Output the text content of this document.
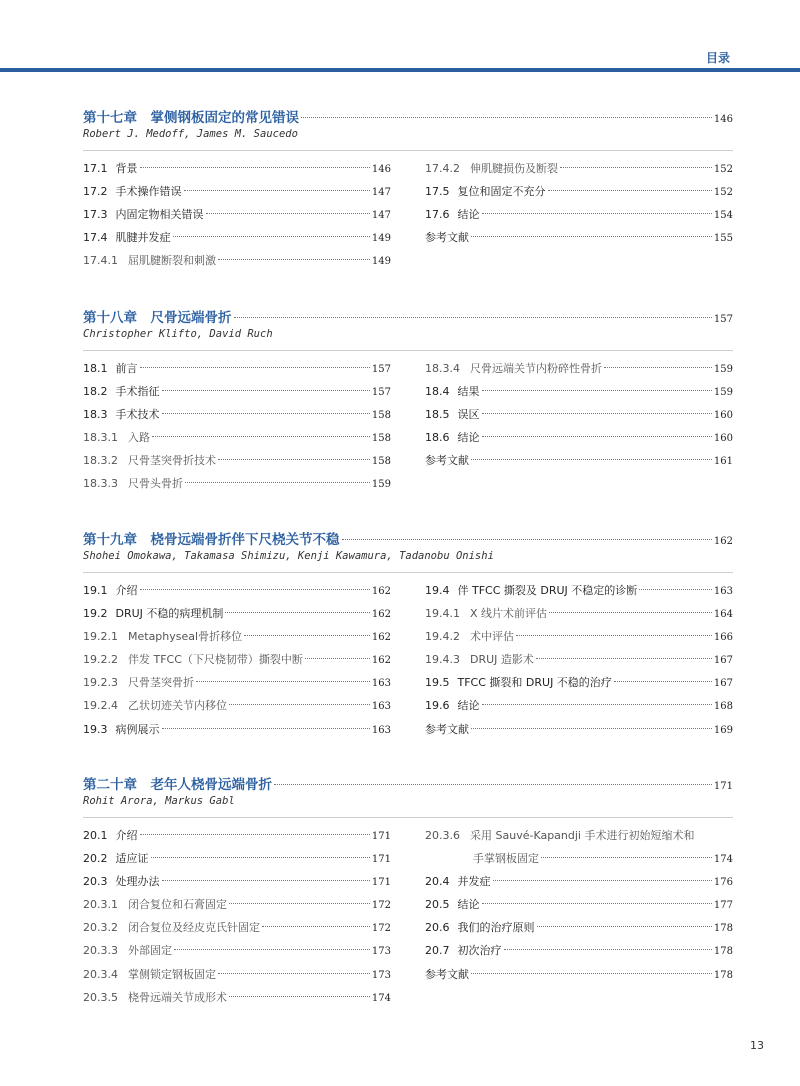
目录
第十七章　掌侧钢板固定的常见错误	146
Robert J. Medoff, James M. Saucedo
17.1 背景	146
17.2 手术操作错误	147
17.3 内固定物相关错误	147
17.4 肌腱并发症	149
17.4.1 屈肌腱断裂和刺激	149
17.4.2 伸肌腱损伤及断裂	152
17.5 复位和固定不充分	152
17.6 结论	154
参考文献	155
第十八章　尺骨远端骨折	157
Christopher Klifto, David Ruch
18.1 前言	157
18.2 手术指征	157
18.3 手术技术	158
18.3.1 入路	158
18.3.2 尺骨茎突骨折技术	158
18.3.3 尺骨头骨折	159
18.3.4 尺骨远端关节内粉碎性骨折	159
18.4 结果	159
18.5 误区	160
18.6 结论	160
参考文献	161
第十九章　桡骨远端骨折伴下尺桡关节不稳	162
Shohei Omokawa, Takamasa Shimizu, Kenji Kawamura, Tadanobu Onishi
19.1 介绍	162
19.2 DRUJ 不稳的病理机制	162
19.2.1 Metaphyseal骨折移位	162
19.2.2 伴发 TFCC（下尺桡韧带）撕裂中断	162
19.2.3 尺骨茎突骨折	163
19.2.4 乙状切迹关节内移位	163
19.3 病例展示	163
19.4 伴 TFCC 撕裂及 DRUJ 不稳定的诊断	163
19.4.1 X 线片术前评估	164
19.4.2 术中评估	166
19.4.3 DRUJ 造影术	167
19.5 TFCC 撕裂和 DRUJ 不稳的治疗	167
19.6 结论	168
参考文献	169
第二十章　老年人桡骨远端骨折	171
Rohit Arora, Markus Gabl
20.1 介绍	171
20.2 适应证	171
20.3 处理办法	171
20.3.1 闭合复位和石膏固定	172
20.3.2 闭合复位及经皮克氏针固定	172
20.3.3 外部固定	173
20.3.4 掌侧锁定钢板固定	173
20.3.5 桡骨远端关节成形术	174
20.3.6 采用 Sauvé-Kapandji 手术进行初始短缩术和
手掌钢板固定	174
20.4 并发症	176
20.5 结论	177
20.6 我们的治疗原则	178
20.7 初次治疗	178
参考文献	178
13
